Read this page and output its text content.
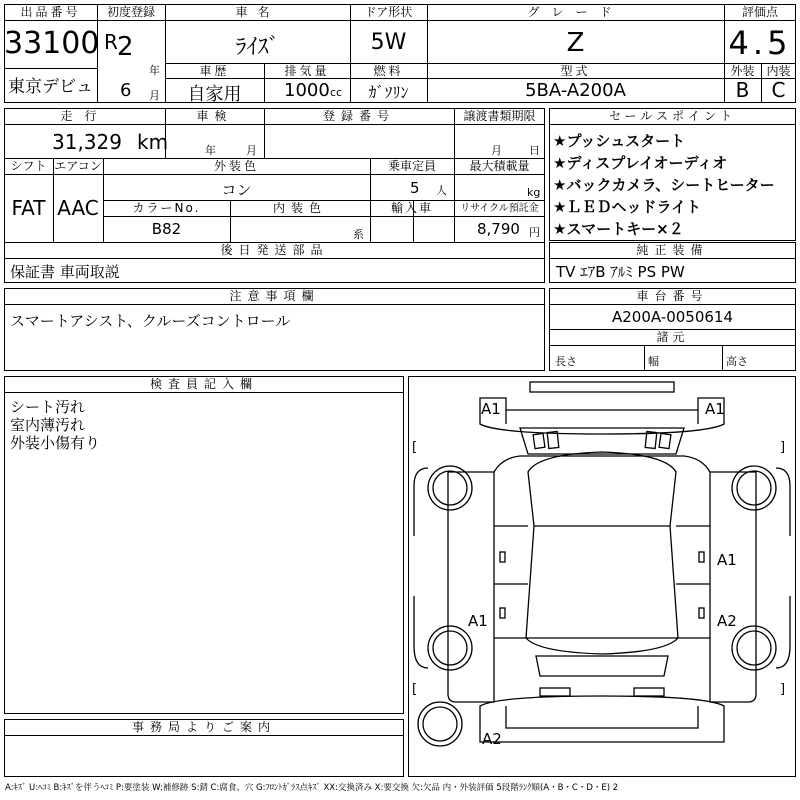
出品番号
33100
東京デビュ
初度登録
R 2
年
6 月
車名
ﾗｲｽﾞ
車歴
自家用
排気量
1000 cc
ドア形状
5W
燃料
ｶﾞｿﾘﾝ
グレード
Z
型式
5BA-A200A
評価点
4.5
外装 内装
B	C
走行
31,329 km
車検
年	月
登録番号	譲渡書類期限
月 日
シフト
FAT
エアコン
AAC
外装色
コン
乗車定員
5 人
最大積載量
kg
カラーNo.
B82
内装色
系
輸入車	リサイクル預託金
8,790 円
後日発送部品
保証書 車両取説
セールスポイント
★プッシュスタート
★ディスプレイオーディオ
★バックカメラ、シートヒーター
★ＬＥＤヘッドライト
★スマートキー×２
純正装備
TV ｴｱB ｱﾙﾐ PS PW
注意事項欄
スマートアシスト、クルーズコントロール
車台番号
A200A-0050614
諸元
長さ	幅	高さ
検査員記入欄
シート汚れ
室内薄汚れ
外装小傷有り
事務局よりご案内
A1	A1
A1
A1	A2
A2
[
[
]
]
A:ｷｽﾞ U:ﾍｺﾐ B:ｷｽﾞを伴うﾍｺﾐ P:要塗装 W:補修跡 S:錆 C:腐食、穴 G:ﾌﾛﾝﾄｶﾞﾗｽ点ｷｽﾞ XX:交換済み X:要交換 欠:欠品 内・外装評価 5段階ﾗﾝｸ順(A・B・C・D・E) 2
